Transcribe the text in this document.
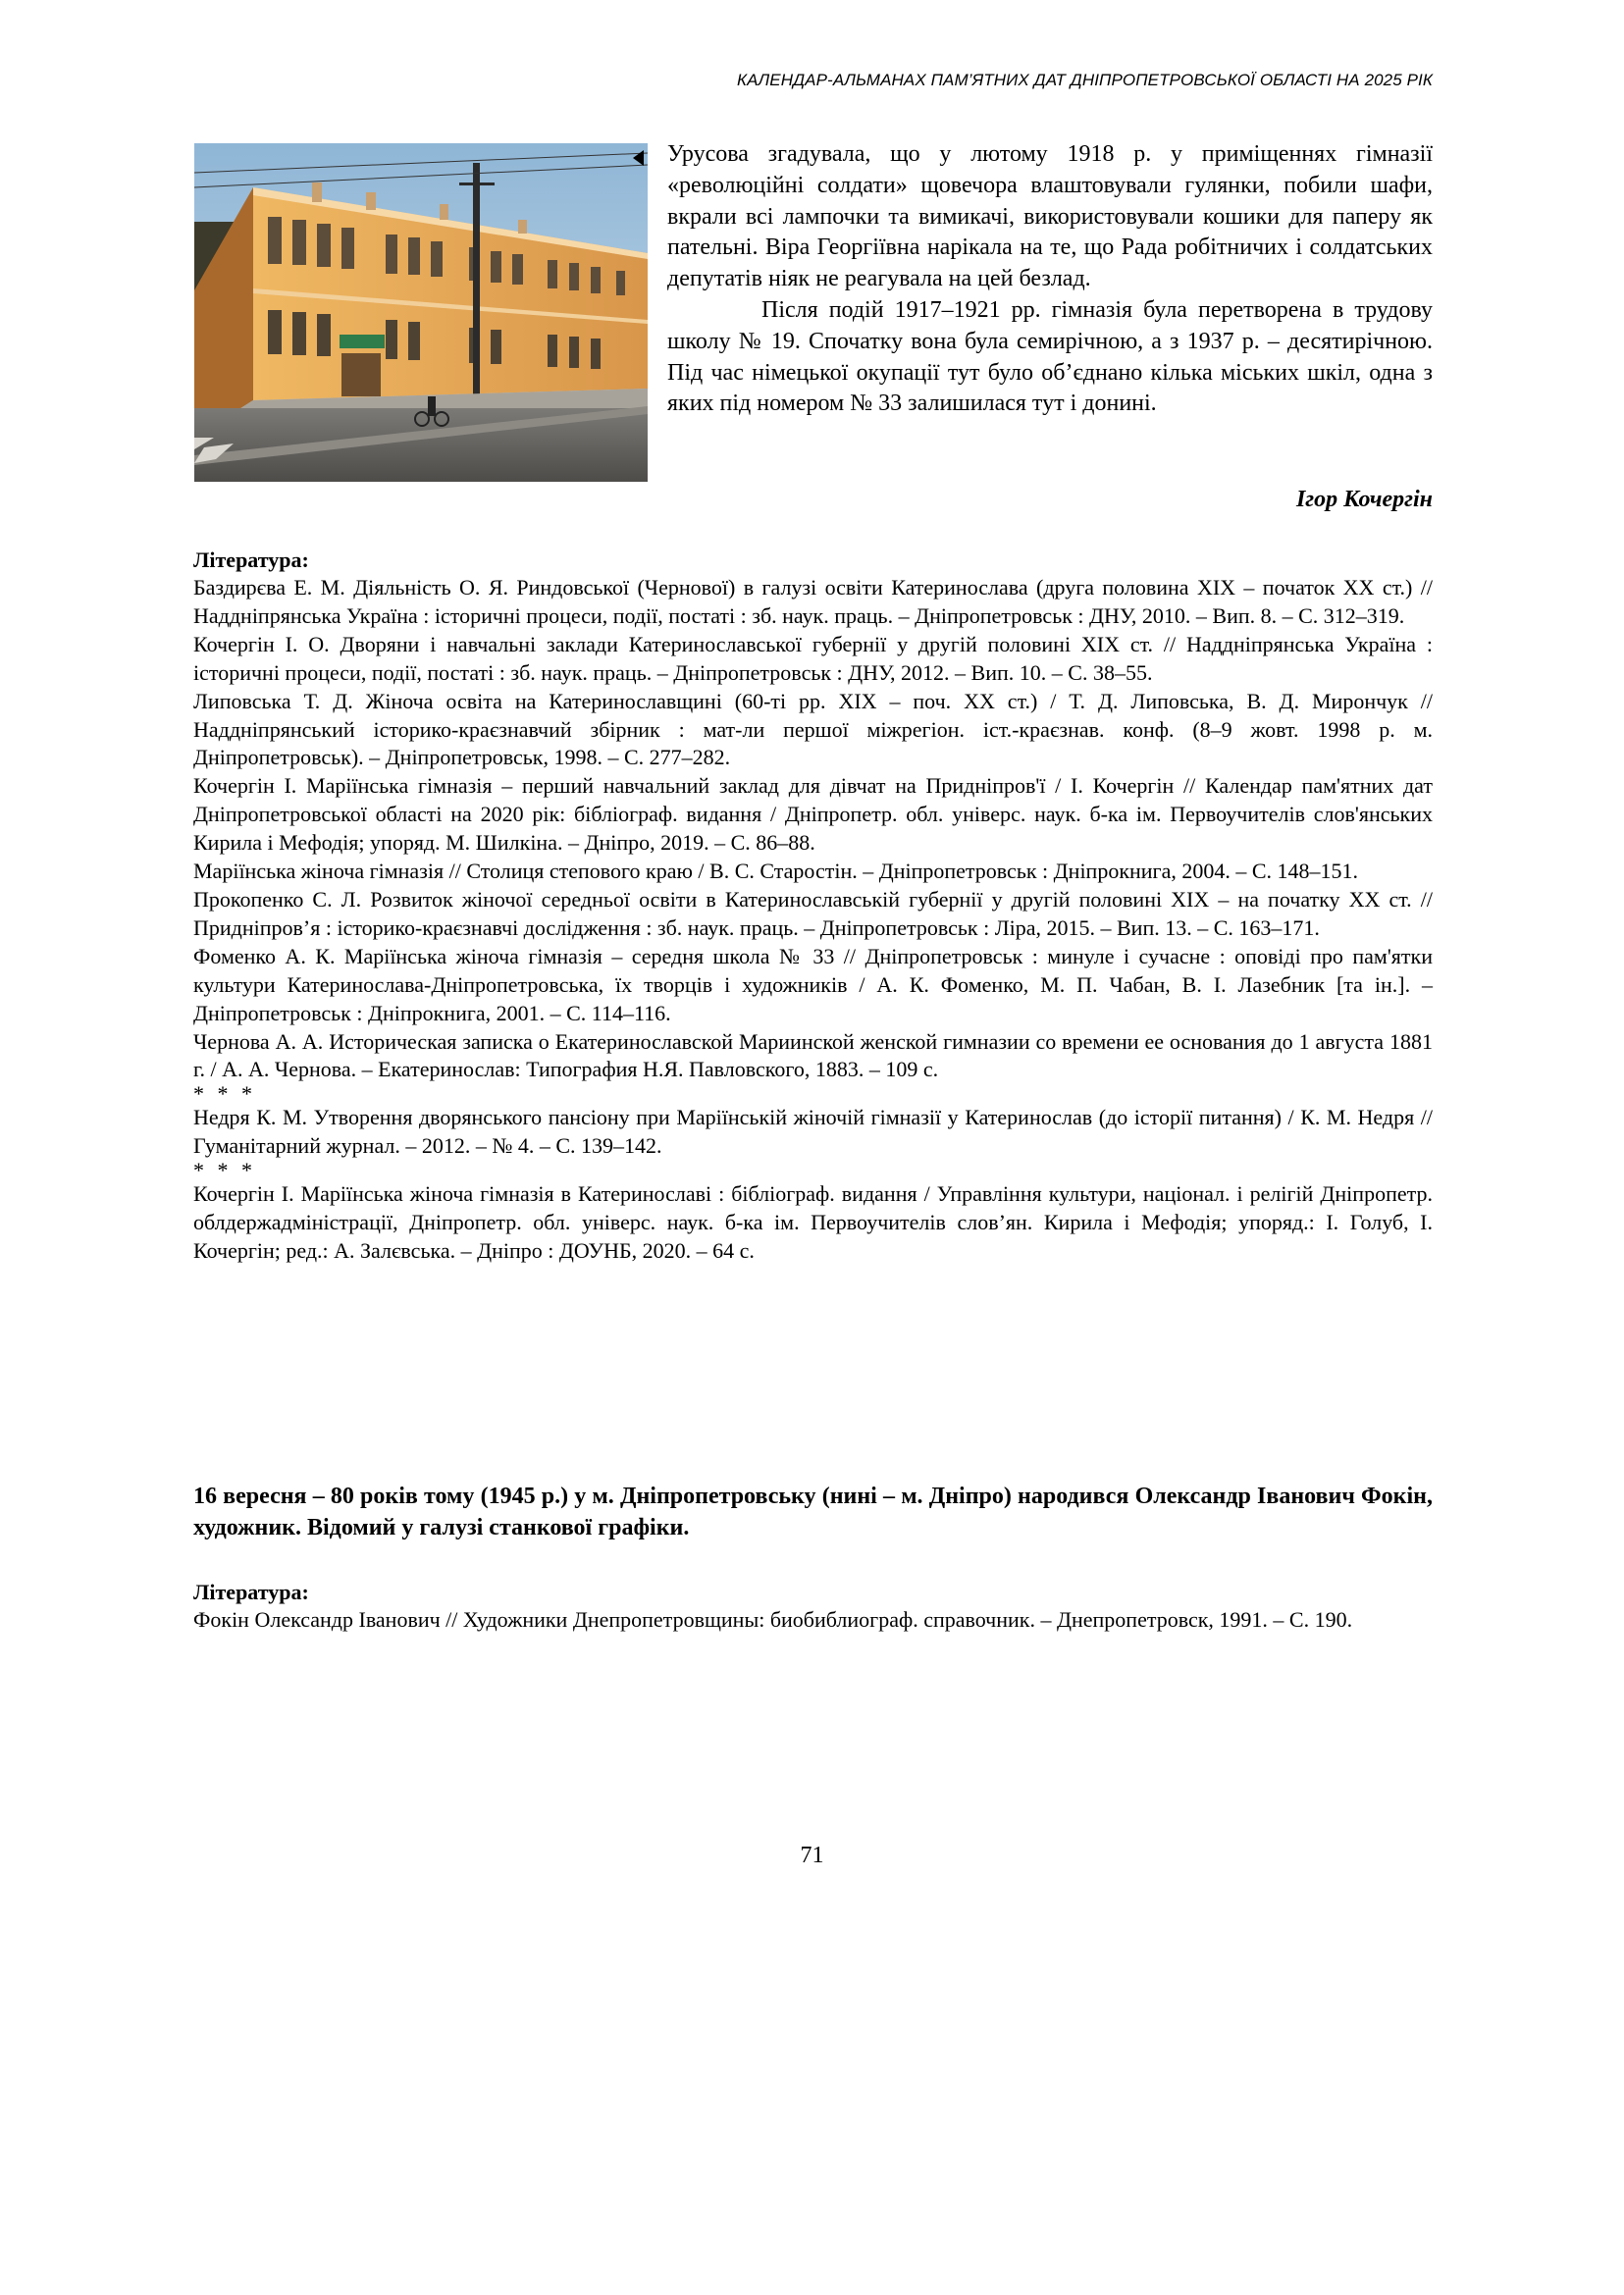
КАЛЕНДАР-АЛЬМАНАХ ПАМ’ЯТНИХ ДАТ ДНІПРОПЕТРОВСЬКОЇ ОБЛАСТІ НА 2025 РІК

Урусова згадувала, що у лютому 1918 р. у приміщеннях гімназії «революційні солдати» щовечора влаштовували гулянки, побили шафи, вкрали всі лампочки та вимикачі, використовували кошики для паперу як пательні. Віра Георгіївна нарікала на те, що Рада робітничих і солдатських депутатів ніяк не реагувала на цей безлад.

Після подій 1917–1921 рр. гімназія була перетворена в трудову школу № 19. Спочатку вона була семирічною, а з 1937 р. – десятирічною. Під час німецької окупації тут було об’єднано кілька міських шкіл, одна з яких під номером № 33 залишилася тут і донині.

Ігор Кочергін

Література:

Баздирєва Е. М. Діяльність О. Я. Риндовської (Чернової) в галузі освіти Катеринослава (друга половина XIX – початок XX ст.) // Наддніпрянська Україна : історичні процеси, події, постаті : зб. наук. праць. – Дніпропетровськ : ДНУ, 2010. – Вип. 8. – С. 312–319.
Кочергін І. О. Дворяни і навчальні заклади Катеринославської губернії у другій половині XIX ст. // Наддніпрянська Україна : історичні процеси, події, постаті : зб. наук. праць. – Дніпропетровськ : ДНУ, 2012. – Вип. 10. – С. 38–55.
Липовська Т. Д. Жіноча освіта на Катеринославщині (60-ті рр. XIX – поч. XX ст.) / Т. Д. Липовська, В. Д. Мирончук // Наддніпрянський історико-краєзнавчий збірник : мат-ли першої міжрегіон. іст.-краєзнав. конф. (8–9 жовт. 1998 р. м. Дніпропетровськ). – Дніпропетровськ, 1998. – С. 277–282.
Кочергін І. Маріїнська гімназія – перший навчальний заклад для дівчат на Придніпров'ї / І. Кочергін // Календар пам'ятних дат Дніпропетровської області на 2020 рік: бібліограф. видання / Дніпропетр. обл. універс. наук. б-ка ім. Первоучителів слов'янських Кирила і Мефодія; упоряд. М. Шилкіна. – Дніпро, 2019. – С. 86–88.
Маріїнська жіноча гімназія // Столиця степового краю / В. С. Старостін. – Дніпропетровськ : Дніпрокнига, 2004. – С. 148–151.
Прокопенко С. Л. Розвиток жіночої середньої освіти в Катеринославській губернії у другій половині XIX – на початку XX ст. // Придніпров’я : історико-краєзнавчі дослідження : зб. наук. праць. – Дніпропетровськ : Ліра, 2015. – Вип. 13. – С. 163–171.
Фоменко А. К. Маріїнська жіноча гімназія – середня школа № 33 // Дніпропетровськ : минуле і сучасне : оповіді про пам'ятки культури Катеринослава-Дніпропетровська, їх творців і художників / А. К. Фоменко, М. П. Чабан, В. І. Лазебник [та ін.]. – Дніпропетровськ : Дніпрокнига, 2001. – С. 114–116.
Чернова А. А. Историческая записка о Екатеринославской Мариинской женской гимназии со времени ее основания до 1 августа 1881 г. / А. А. Чернова. – Екатеринослав: Типография Н.Я. Павловского, 1883. – 109 с.

* * *

Недря К. М. Утворення дворянського пансіону при Маріїнській жіночій гімназії у Катеринослав (до історії питання) / К. М. Недря // Гуманітарний журнал. – 2012. – № 4. – С. 139–142.

* * *

Кочергін І. Маріїнська жіноча гімназія в Катеринославі : бібліограф. видання / Управління культури, націонал. і релігій Дніпропетр. облдержадміністрації, Дніпропетр. обл. універс. наук. б-ка ім. Первоучителів слов’ян. Кирила і Мефодія; упоряд.: І. Голуб, І. Кочергін; ред.: А. Залєвська. – Дніпро : ДОУНБ, 2020. – 64 с.

16 вересня – 80 років тому (1945 р.) у м. Дніпропетровську (нині – м. Дніпро) народився Олександр Іванович Фокін, художник. Відомий у галузі станкової графіки.

Література:

Фокін Олександр Іванович // Художники Днепропетровщины: биобиблиограф. справочник. – Днепропетровск, 1991. – С. 190.
71
